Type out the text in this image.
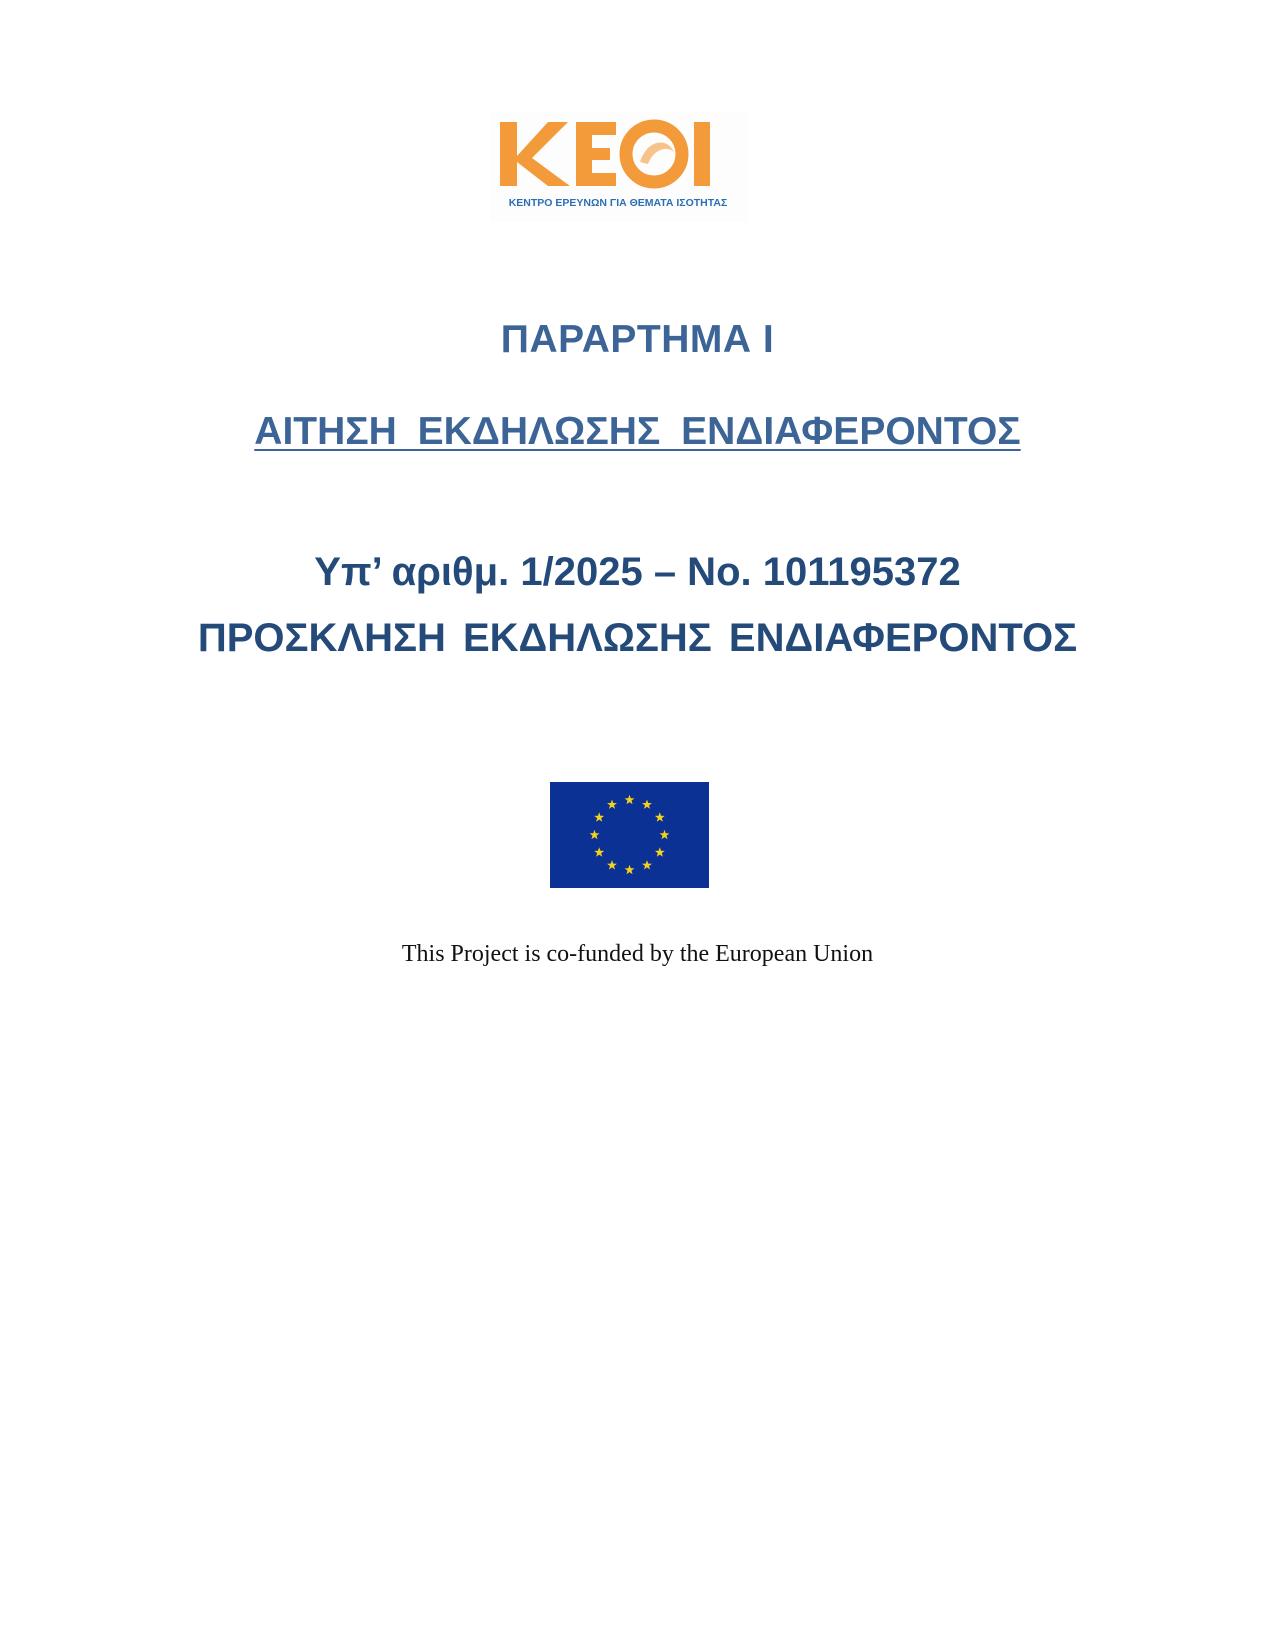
ΚΕΝΤΡΟ ΕΡΕΥΝΩΝ ΓΙΑ ΘΕΜΑΤΑ ΙΣΟΤΗΤΑΣ
ΠΑΡΑΡΤΗΜΑ Ι
ΑΙΤΗΣΗ ΕΚΔΗΛΩΣΗΣ ΕΝΔΙΑΦΕΡΟΝΤΟΣ
Υπ’ αριθμ. 1/2025 – No. 101195372
ΠΡΟΣΚΛΗΣΗ ΕΚΔΗΛΩΣΗΣ ΕΝΔΙΑΦΕΡΟΝΤΟΣ
This Project is co-funded by the European Union
